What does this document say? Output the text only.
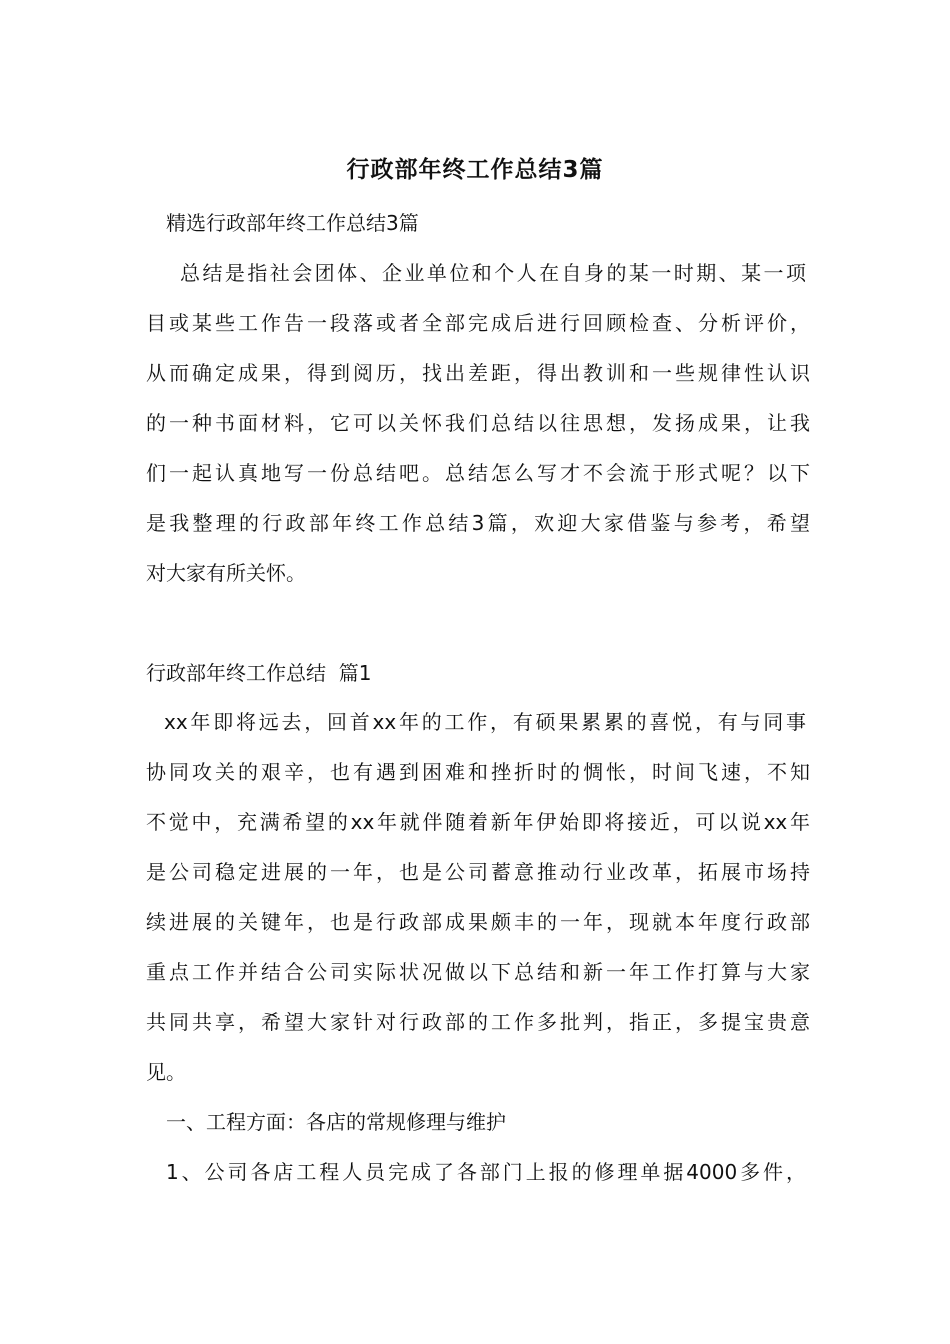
行政部年终工作总结3篇
精选行政部年终工作总结3篇
总结是指社会团体、企业单位和个人在自身的某一时期、某一项
目或某些工作告一段落或者全部完成后进行回顾检查、分析评价，
从而确定成果，得到阅历，找出差距，得出教训和一些规律性认识
的一种书面材料，它可以关怀我们总结以往思想，发扬成果，让我
们一起认真地写一份总结吧。总结怎么写才不会流于形式呢？以下
是我整理的行政部年终工作总结3篇，欢迎大家借鉴与参考，希望
对大家有所关怀。
行政部年终工作总结  篇1
xx年即将远去，回首xx年的工作，有硕果累累的喜悦，有与同事
协同攻关的艰辛，也有遇到困难和挫折时的惆怅，时间飞速，不知
不觉中，充满希望的xx年就伴随着新年伊始即将接近，可以说xx年
是公司稳定进展的一年，也是公司蓄意推动行业改革，拓展市场持
续进展的关键年，也是行政部成果颇丰的一年，现就本年度行政部
重点工作并结合公司实际状况做以下总结和新一年工作打算与大家
共同共享，希望大家针对行政部的工作多批判，指正，多提宝贵意
见。
一、工程方面：各店的常规修理与维护
1、公司各店工程人员完成了各部门上报的修理单据4000多件，
